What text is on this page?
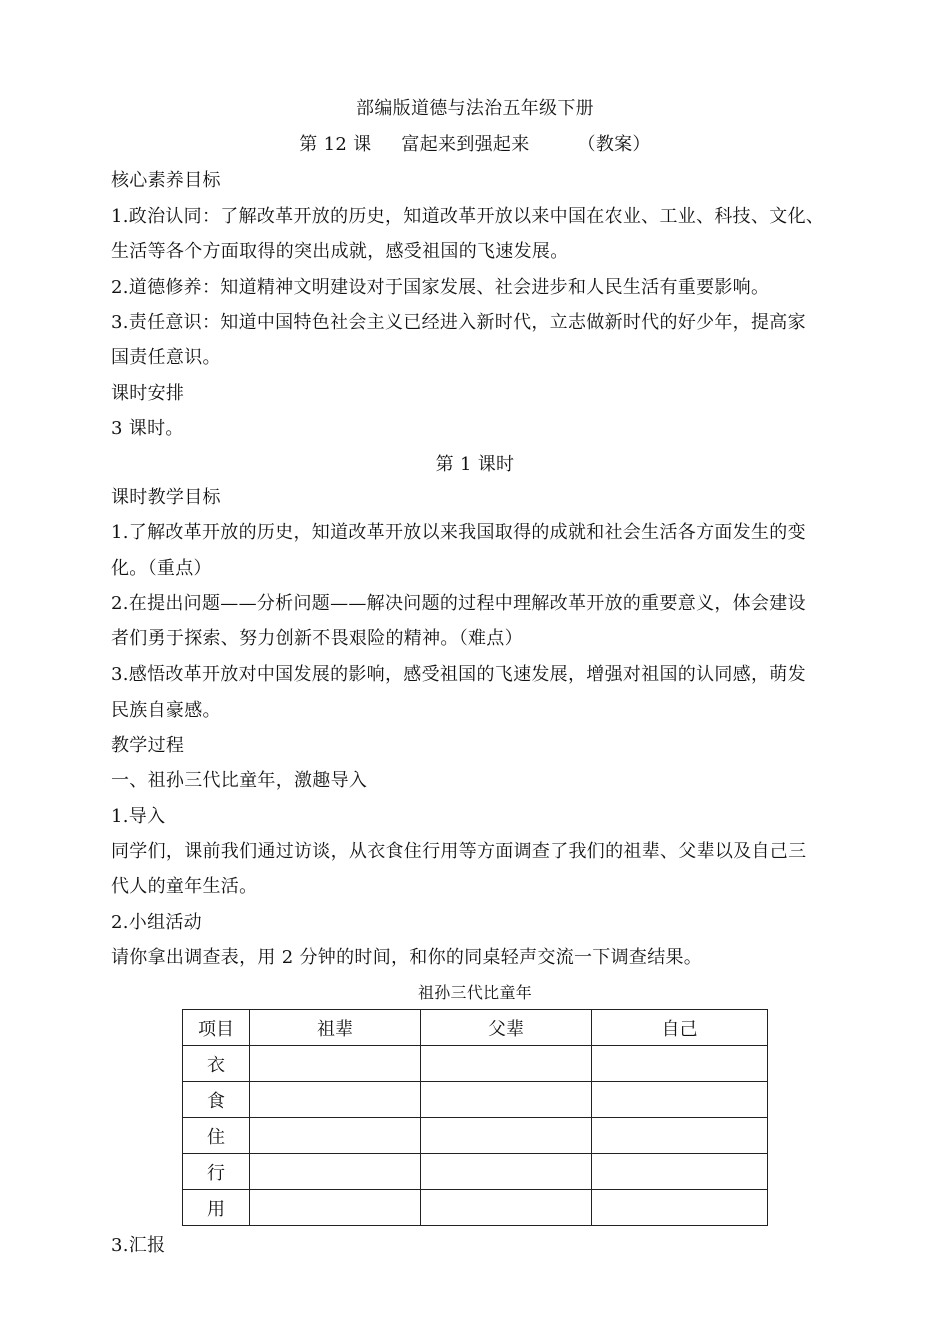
部编版道德与法治五年级下册
第 12 课 富起来到强起来	（教案）
核心素养目标
1.政治认同：了解改革开放的历史，知道改革开放以来中国在农业、工业、科技、文化、
生活等各个方面取得的突出成就，感受祖国的飞速发展。
2.道德修养：知道精神文明建设对于国家发展、社会进步和人民生活有重要影响。
3.责任意识：知道中国特色社会主义已经进入新时代，立志做新时代的好少年，提高家
国责任意识。
课时安排
3 课时。
第 1 课时
课时教学目标
1.了解改革开放的历史，知道改革开放以来我国取得的成就和社会生活各方面发生的变
化。（重点）
2.在提出问题——分析问题——解决问题的过程中理解改革开放的重要意义，体会建设
者们勇于探索、努力创新不畏艰险的精神。（难点）
3.感悟改革开放对中国发展的影响，感受祖国的飞速发展，增强对祖国的认同感，萌发
民族自豪感。
教学过程
一、祖孙三代比童年，激趣导入
1.导入
同学们，课前我们通过访谈，从衣食住行用等方面调查了我们的祖辈、父辈以及自己三
代人的童年生活。
2.小组活动
请你拿出调查表，用 2 分钟的时间，和你的同桌轻声交流一下调查结果。
祖孙三代比童年
项目	祖辈	父辈	自己
衣			
食			
住			
行			
用			
3.汇报
